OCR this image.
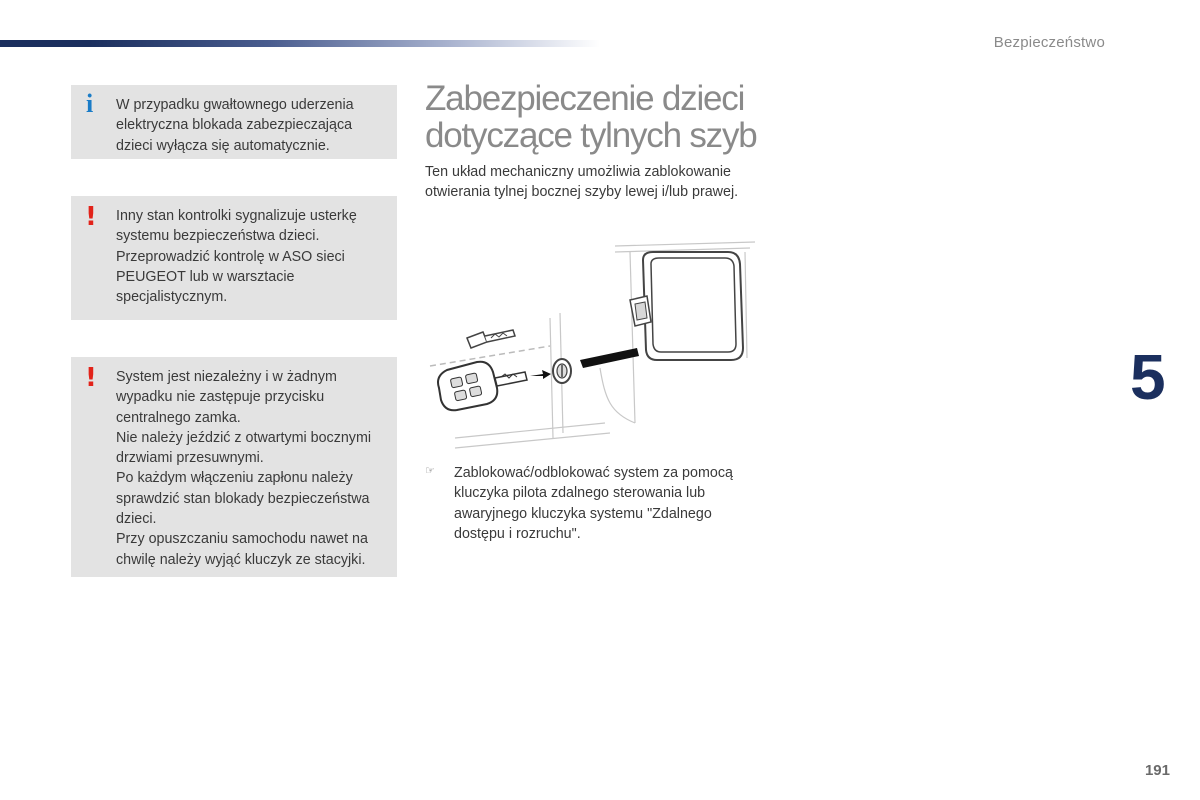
Bezpieczeństwo
i W przypadku gwałtownego uderzenia elektryczna blokada zabezpieczająca dzieci wyłącza się automatycznie.

! Inny stan kontrolki sygnalizuje usterkę systemu bezpieczeństwa dzieci.

Przeprowadzić kontrolę w ASO sieci PEUGEOT lub w warsztacie specjalistycznym.

! System jest niezależny i w żadnym wypadku nie zastępuje przycisku centralnego zamka.

Nie należy jeździć z otwartymi bocznymi drzwiami przesuwnymi.

Po każdym włączeniu zapłonu należy sprawdzić stan blokady bezpieczeństwa dzieci.

Przy opuszczaniu samochodu nawet na chwilę należy wyjąć kluczyk ze stacyjki.

Zabezpieczenie dzieci
dotyczące tylnych szyb
Ten układ mechaniczny umożliwia zablokowanie otwierania tylnej bocznej szyby lewej i/lub prawej.
☞ Zablokować/odblokować system za pomocą kluczyka pilota zdalnego sterowania lub awaryjnego kluczyka systemu "Zdalnego dostępu i rozruchu".
5
191
